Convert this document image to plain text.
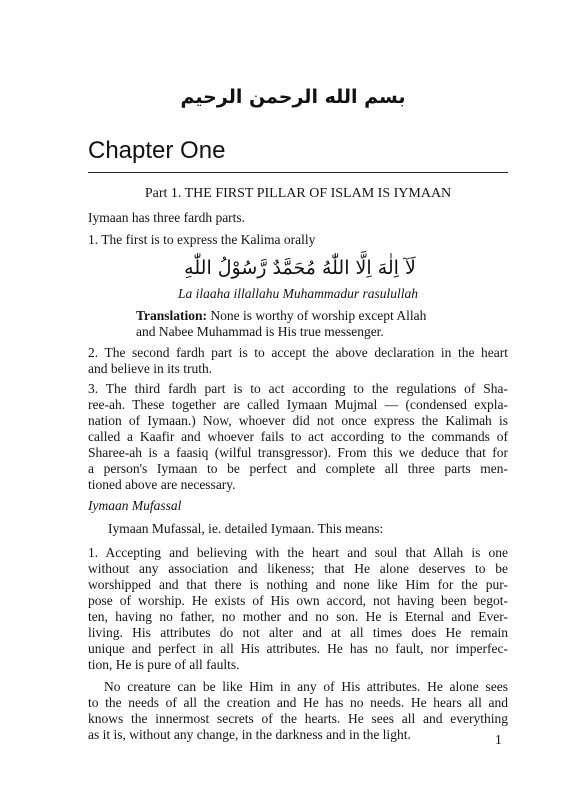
بسم الله الرحمن الرحيم
Chapter One
Part 1. THE FIRST PILLAR OF ISLAM IS IYMAAN
Iymaan has three fardh parts.
1. The first is to express the Kalima orally
لَآ اِلٰهَ اِلَّا اللّٰهُ مُحَمَّدٌ رَّسُوْلُ اللّٰهِ
La ilaaha illallahu Muhammadur rasulullah
Translation: None is worthy of worship except Allah
and Nabee Muhammad is His true messenger.
2. The second fardh part is to accept the above declaration in the heart
and believe in its truth.
3. The third fardh part is to act according to the regulations of Sha-
ree-ah. These together are called Iymaan Mujmal — (condensed expla-
nation of Iymaan.) Now, whoever did not once express the Kalimah is
called a Kaafir and whoever fails to act according to the commands of
Sharee-ah is a faasiq (wilful transgressor). From this we deduce that for
a person's Iymaan to be perfect and complete all three parts men-
tioned above are necessary.
Iymaan Mufassal
Iymaan Mufassal, ie. detailed Iymaan. This means:
1. Accepting and believing with the heart and soul that Allah is one
without any association and likeness; that He alone deserves to be
worshipped and that there is nothing and none like Him for the pur-
pose of worship. He exists of His own accord, not having been begot-
ten, having no father, no mother and no son. He is Eternal and Ever-
living. His attributes do not alter and at all times does He remain
unique and perfect in all His attributes. He has no fault, nor imperfec-
tion, He is pure of all faults.
No creature can be like Him in any of His attributes. He alone sees
to the needs of all the creation and He has no needs. He hears all and
knows the innermost secrets of the hearts. He sees all and everything
as it is, without any change, in the darkness and in the light.	1
